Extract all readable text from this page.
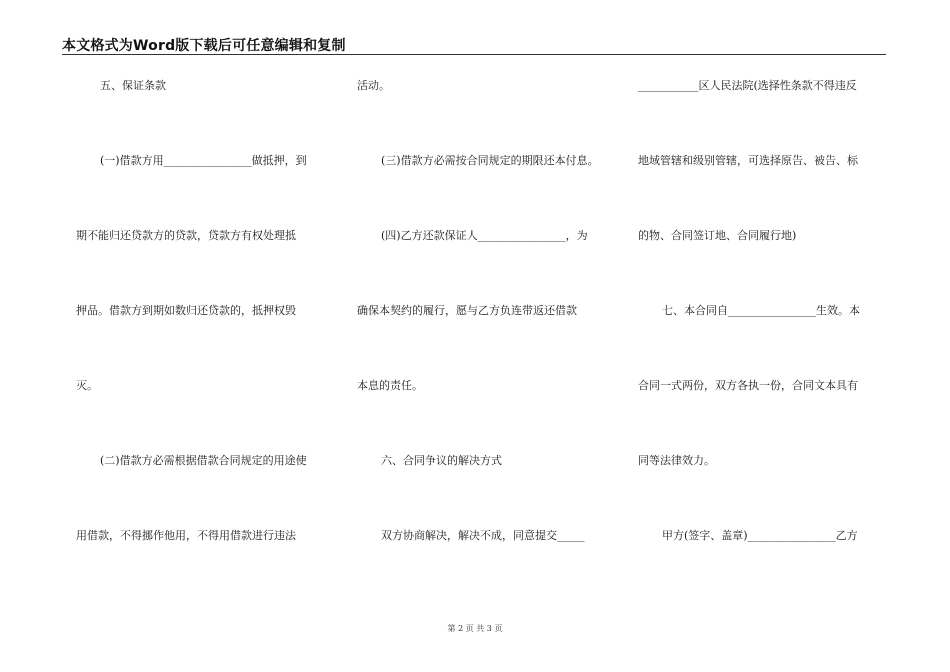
本文格式为Word版下载后可任意编辑和复制
五、保证条款
(一)借款方用________________做抵押，到
期不能归还贷款方的贷款，贷款方有权处理抵
押品。借款方到期如数归还贷款的，抵押权毁
灭。
(二)借款方必需根据借款合同规定的用途使
用借款，不得挪作他用，不得用借款进行违法
活动。
(三)借款方必需按合同规定的期限还本付息。
(四)乙方还款保证人________________，为
确保本契约的履行，愿与乙方负连带返还借款
本息的责任。
六、合同争议的解决方式
双方协商解决，解决不成，同意提交_____
___________区人民法院(选择性条款不得违反
地域管辖和级别管辖，可选择原告、被告、标
的物、合同签订地、合同履行地)
七、本合同自________________生效。本
合同一式两份，双方各执一份，合同文本具有
同等法律效力。
甲方(签字、盖章)________________乙方
第 2 页 共 3 页
